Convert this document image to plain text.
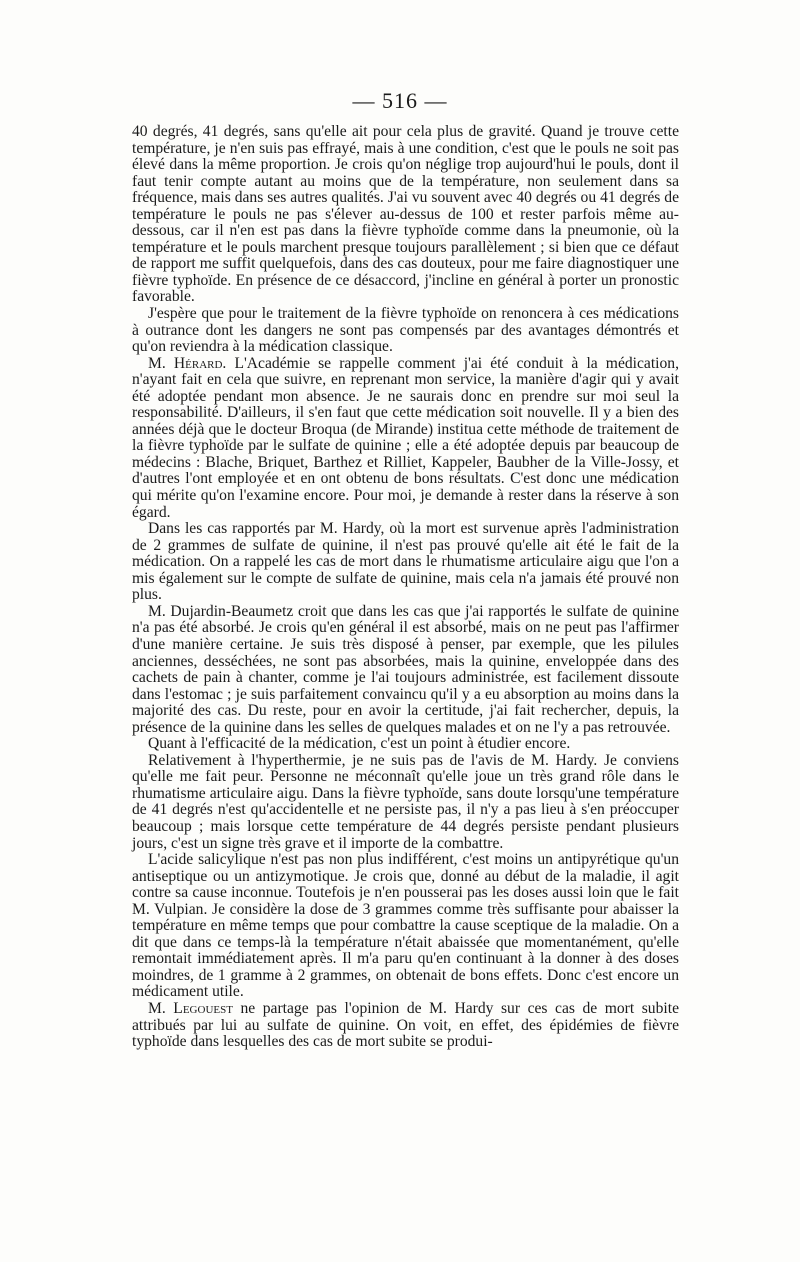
— 516 —

40 degrés, 41 degrés, sans qu'elle ait pour cela plus de gravité. Quand je trouve cette température, je n'en suis pas effrayé, mais à une condition, c'est que le pouls ne soit pas élevé dans la même proportion. Je crois qu'on néglige trop aujourd'hui le pouls, dont il faut tenir compte autant au moins que de la température, non seulement dans sa fréquence, mais dans ses autres qualités. J'ai vu souvent avec 40 degrés ou 41 degrés de température le pouls ne pas s'élever au-dessus de 100 et rester parfois même au-dessous, car il n'en est pas dans la fièvre typhoïde comme dans la pneumonie, où la température et le pouls marchent presque toujours parallèlement ; si bien que ce défaut de rapport me suffit quelquefois, dans des cas douteux, pour me faire diagnostiquer une fièvre typhoïde. En présence de ce désaccord, j'incline en général à porter un pronostic favorable.

J'espère que pour le traitement de la fièvre typhoïde on renoncera à ces médications à outrance dont les dangers ne sont pas compensés par des avantages démontrés et qu'on reviendra à la médication classique.

M. Hérard. L'Académie se rappelle comment j'ai été conduit à la médication, n'ayant fait en cela que suivre, en reprenant mon service, la manière d'agir qui y avait été adoptée pendant mon absence. Je ne saurais donc en prendre sur moi seul la responsabilité. D'ailleurs, il s'en faut que cette médication soit nouvelle. Il y a bien des années déjà que le docteur Broqua (de Mirande) institua cette méthode de traitement de la fièvre typhoïde par le sulfate de quinine ; elle a été adoptée depuis par beaucoup de médecins : Blache, Briquet, Barthez et Rilliet, Kappeler, Baubher de la Ville-Jossy, et d'autres l'ont employée et en ont obtenu de bons résultats. C'est donc une médication qui mérite qu'on l'examine encore. Pour moi, je demande à rester dans la réserve à son égard.

Dans les cas rapportés par M. Hardy, où la mort est survenue après l'administration de 2 grammes de sulfate de quinine, il n'est pas prouvé qu'elle ait été le fait de la médication. On a rappelé les cas de mort dans le rhumatisme articulaire aigu que l'on a mis également sur le compte de sulfate de quinine, mais cela n'a jamais été prouvé non plus.

M. Dujardin-Beaumetz croit que dans les cas que j'ai rapportés le sulfate de quinine n'a pas été absorbé. Je crois qu'en général il est absorbé, mais on ne peut pas l'affirmer d'une manière certaine. Je suis très disposé à penser, par exemple, que les pilules anciennes, desséchées, ne sont pas absorbées, mais la quinine, enveloppée dans des cachets de pain à chanter, comme je l'ai toujours administrée, est facilement dissoute dans l'estomac ; je suis parfaitement convaincu qu'il y a eu absorption au moins dans la majorité des cas. Du reste, pour en avoir la certitude, j'ai fait rechercher, depuis, la présence de la quinine dans les selles de quelques malades et on ne l'y a pas retrouvée.

Quant à l'efficacité de la médication, c'est un point à étudier encore.

Relativement à l'hyperthermie, je ne suis pas de l'avis de M. Hardy. Je conviens qu'elle me fait peur. Personne ne méconnaît qu'elle joue un très grand rôle dans le rhumatisme articulaire aigu. Dans la fièvre typhoïde, sans doute lorsqu'une température de 41 degrés n'est qu'accidentelle et ne persiste pas, il n'y a pas lieu à s'en préoccuper beaucoup ; mais lorsque cette température de 44 degrés persiste pendant plusieurs jours, c'est un signe très grave et il importe de la combattre.

L'acide salicylique n'est pas non plus indifférent, c'est moins un antipyrétique qu'un antiseptique ou un antizymotique. Je crois que, donné au début de la maladie, il agit contre sa cause inconnue. Toutefois je n'en pousserai pas les doses aussi loin que le fait M. Vulpian. Je considère la dose de 3 grammes comme très suffisante pour abaisser la température en même temps que pour combattre la cause sceptique de la maladie. On a dit que dans ce temps-là la température n'était abaissée que momentanément, qu'elle remontait immédiatement après. Il m'a paru qu'en continuant à la donner à des doses moindres, de 1 gramme à 2 grammes, on obtenait de bons effets. Donc c'est encore un médicament utile.

M. Legouest ne partage pas l'opinion de M. Hardy sur ces cas de mort subite attribués par lui au sulfate de quinine. On voit, en effet, des épidémies de fièvre typhoïde dans lesquelles des cas de mort subite se produi-
